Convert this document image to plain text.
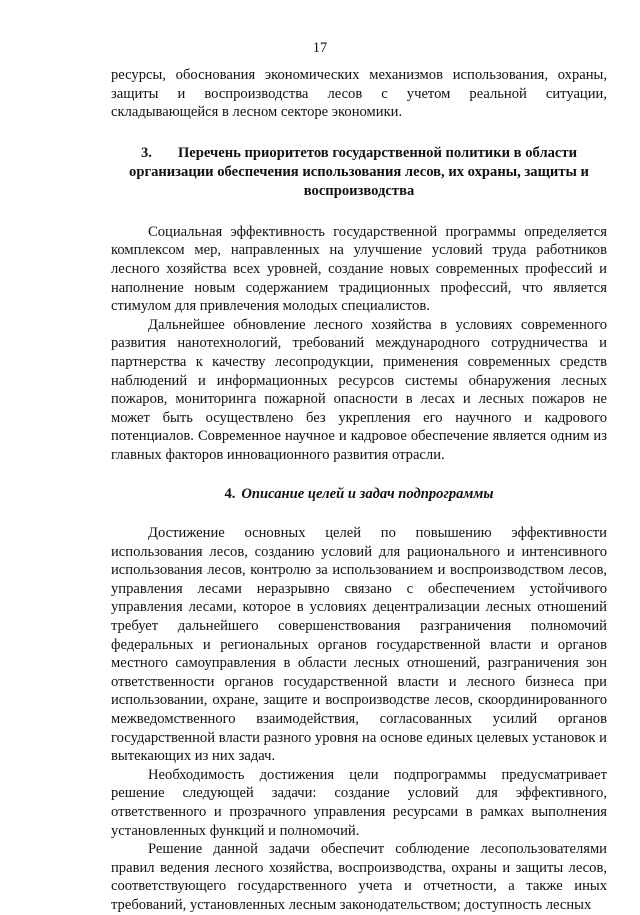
17

ресурсы, обоснования экономических механизмов использования, охраны, защиты и воспроизводства лесов с учетом реальной ситуации, складывающейся в лесном секторе экономики.

3. Перечень приоритетов государственной политики в области организации обеспечения использования лесов, их охраны, защиты и воспроизводства

Социальная эффективность государственной программы определяется комплексом мер, направленных на улучшение условий труда работников лесного хозяйства всех уровней, создание новых современных профессий и наполнение новым содержанием традиционных профессий, что является стимулом для привлечения молодых специалистов.

Дальнейшее обновление лесного хозяйства в условиях современного развития нанотехнологий, требований международного сотрудничества и партнерства к качеству лесопродукции, применения современных средств наблюдений и информационных ресурсов системы обнаружения лесных пожаров, мониторинга пожарной опасности в лесах и лесных пожаров не может быть осуществлено без укрепления его научного и кадрового потенциалов. Современное научное и кадровое обеспечение является одним из главных факторов инновационного развития отрасли.

4. Описание целей и задач подпрограммы

Достижение основных целей по повышению эффективности использования лесов, созданию условий для рационального и интенсивного использования лесов, контролю за использованием и воспроизводством лесов, управления лесами неразрывно связано с обеспечением устойчивого управления лесами, которое в условиях децентрализации лесных отношений требует дальнейшего совершенствования разграничения полномочий федеральных и региональных органов государственной власти и органов местного самоуправления в области лесных отношений, разграничения зон ответственности органов государственной власти и лесного бизнеса при использовании, охране, защите и воспроизводстве лесов, скоординированного межведомственного взаимодействия, согласованных усилий органов государственной власти разного уровня на основе единых целевых установок и вытекающих из них задач.

Необходимость достижения цели подпрограммы предусматривает решение следующей задачи: создание условий для эффективного, ответственного и прозрачного управления ресурсами в рамках выполнения установленных функций и полномочий.

Решение данной задачи обеспечит соблюдение лесопользователями правил ведения лесного хозяйства, воспроизводства, охраны и защиты лесов, соответствующего государственного учета и отчетности, а также иных требований, установленных лесным законодательством; доступность лесных
